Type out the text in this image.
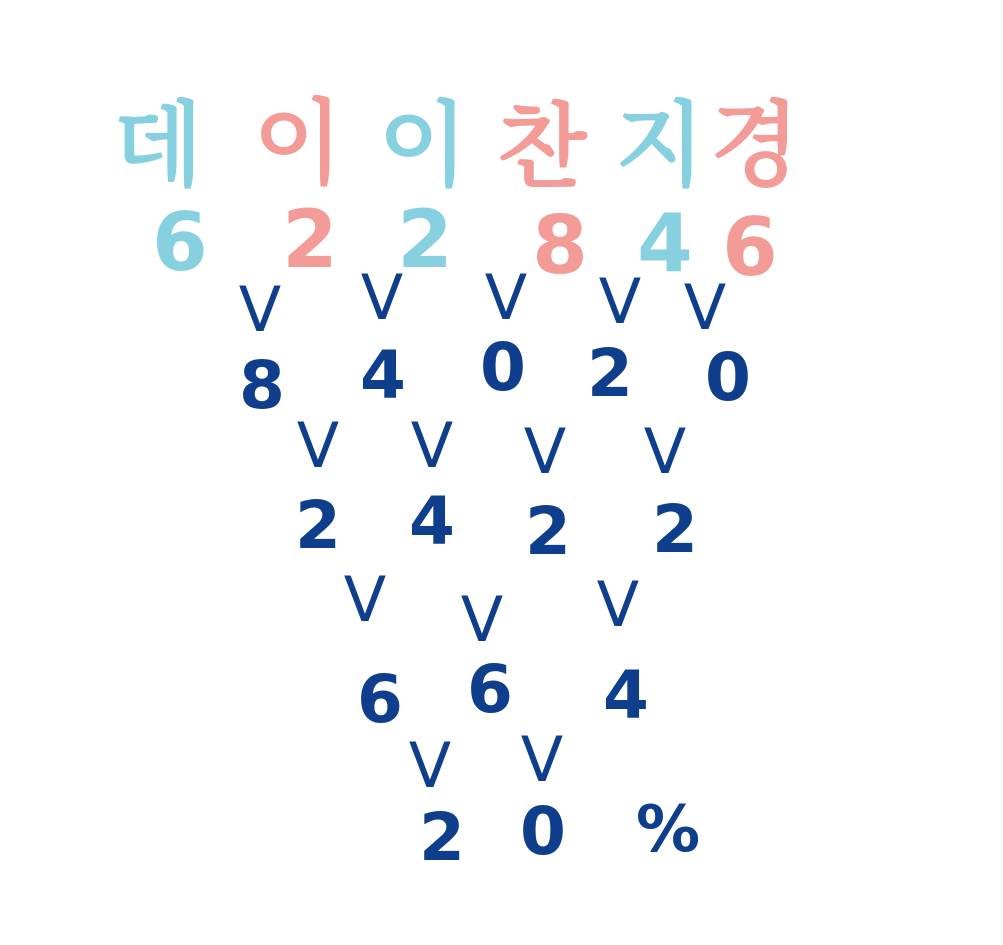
데 이 이 찬 지 경
6 2 2 8 4 6
V V V V V
8 4 0 2 0
V V V V
2 4 2 2
V V V
6 6 4
V V
2 0 %
